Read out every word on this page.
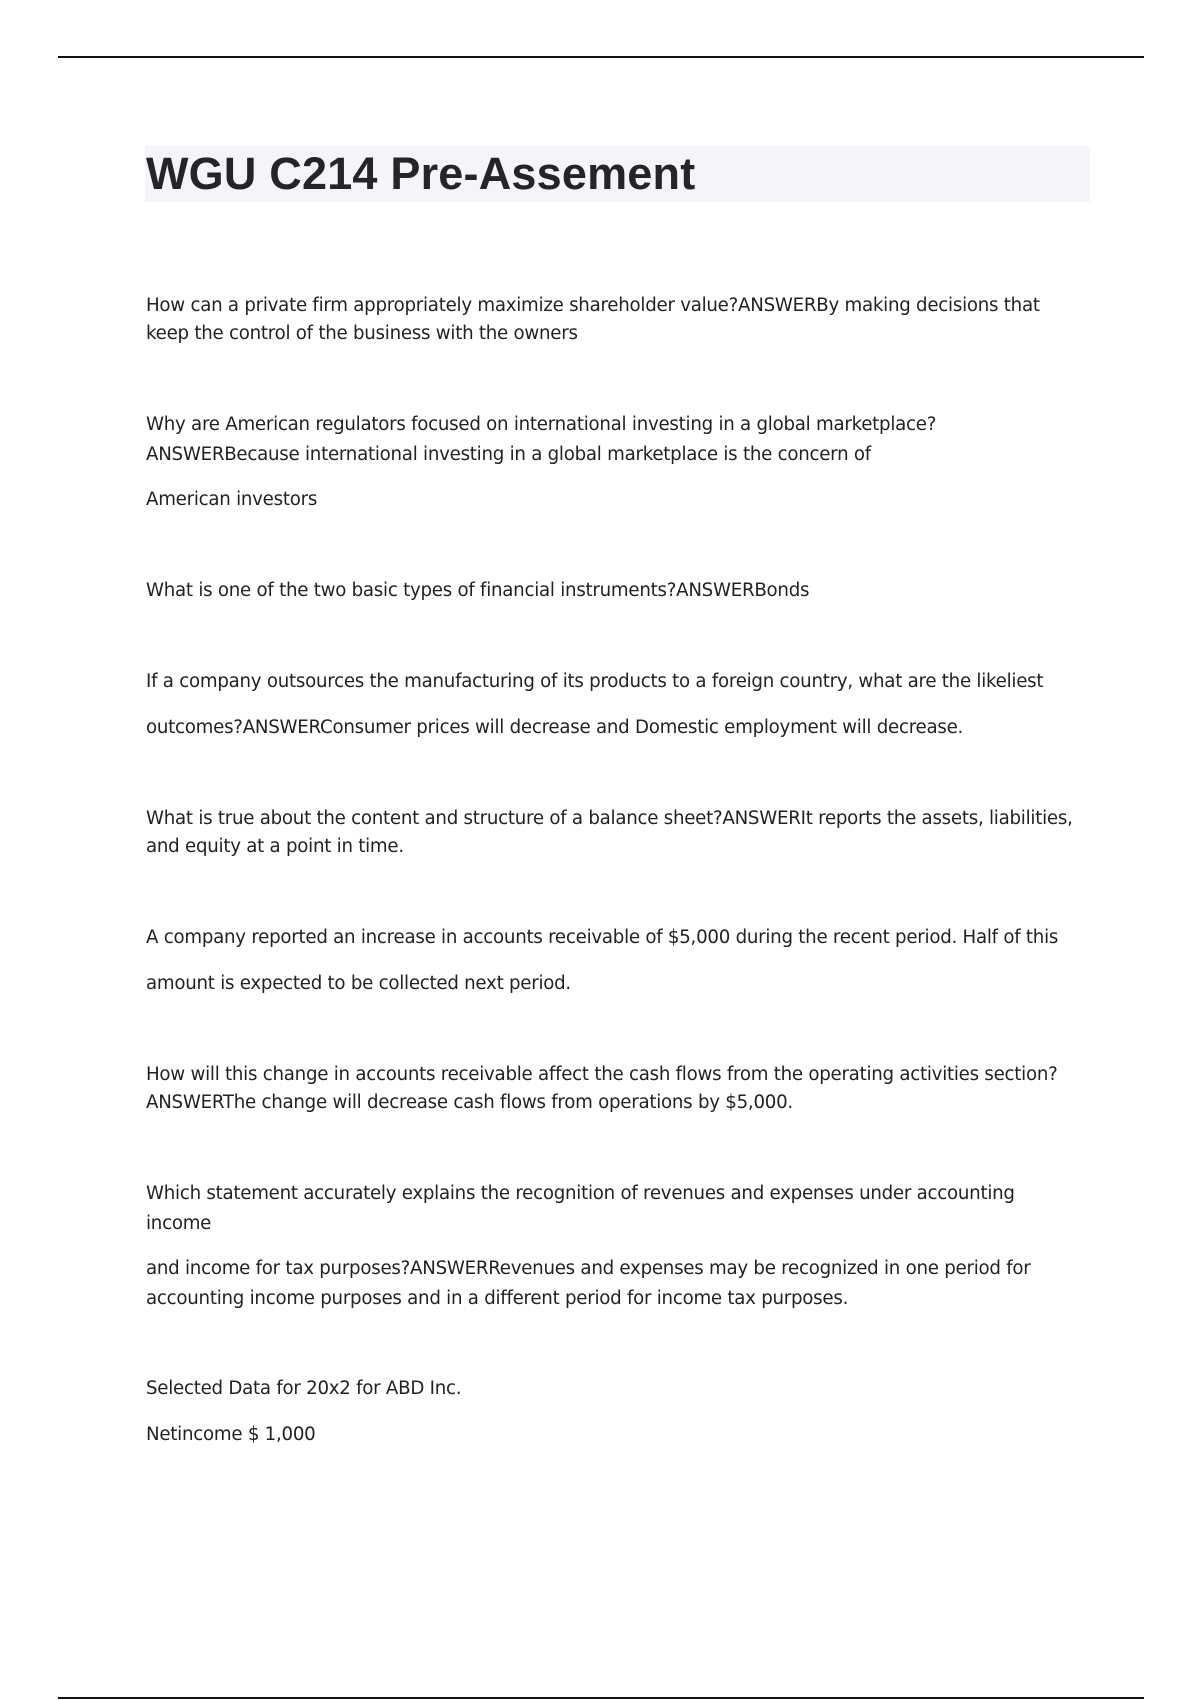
WGU C214 Pre-Assement

How can a private firm appropriately maximize shareholder value?ANSWERBy making decisions that

keep the control of the business with the owners

Why are American regulators focused on international investing in a global marketplace?

ANSWERBecause international investing in a global marketplace is the concern of

American investors

What is one of the two basic types of financial instruments?ANSWERBonds

If a company outsources the manufacturing of its products to a foreign country, what are the likeliest

outcomes?ANSWERConsumer prices will decrease and Domestic employment will decrease.

What is true about the content and structure of a balance sheet?ANSWERIt reports the assets, liabilities,

and equity at a point in time.

A company reported an increase in accounts receivable of $5,000 during the recent period. Half of this

amount is expected to be collected next period.

How will this change in accounts receivable affect the cash flows from the operating activities section?

ANSWERThe change will decrease cash flows from operations by $5,000.

Which statement accurately explains the recognition of revenues and expenses under accounting

income

and income for tax purposes?ANSWERRevenues and expenses may be recognized in one period for

accounting income purposes and in a different period for income tax purposes.

Selected Data for 20x2 for ABD Inc.

Netincome $ 1,000
